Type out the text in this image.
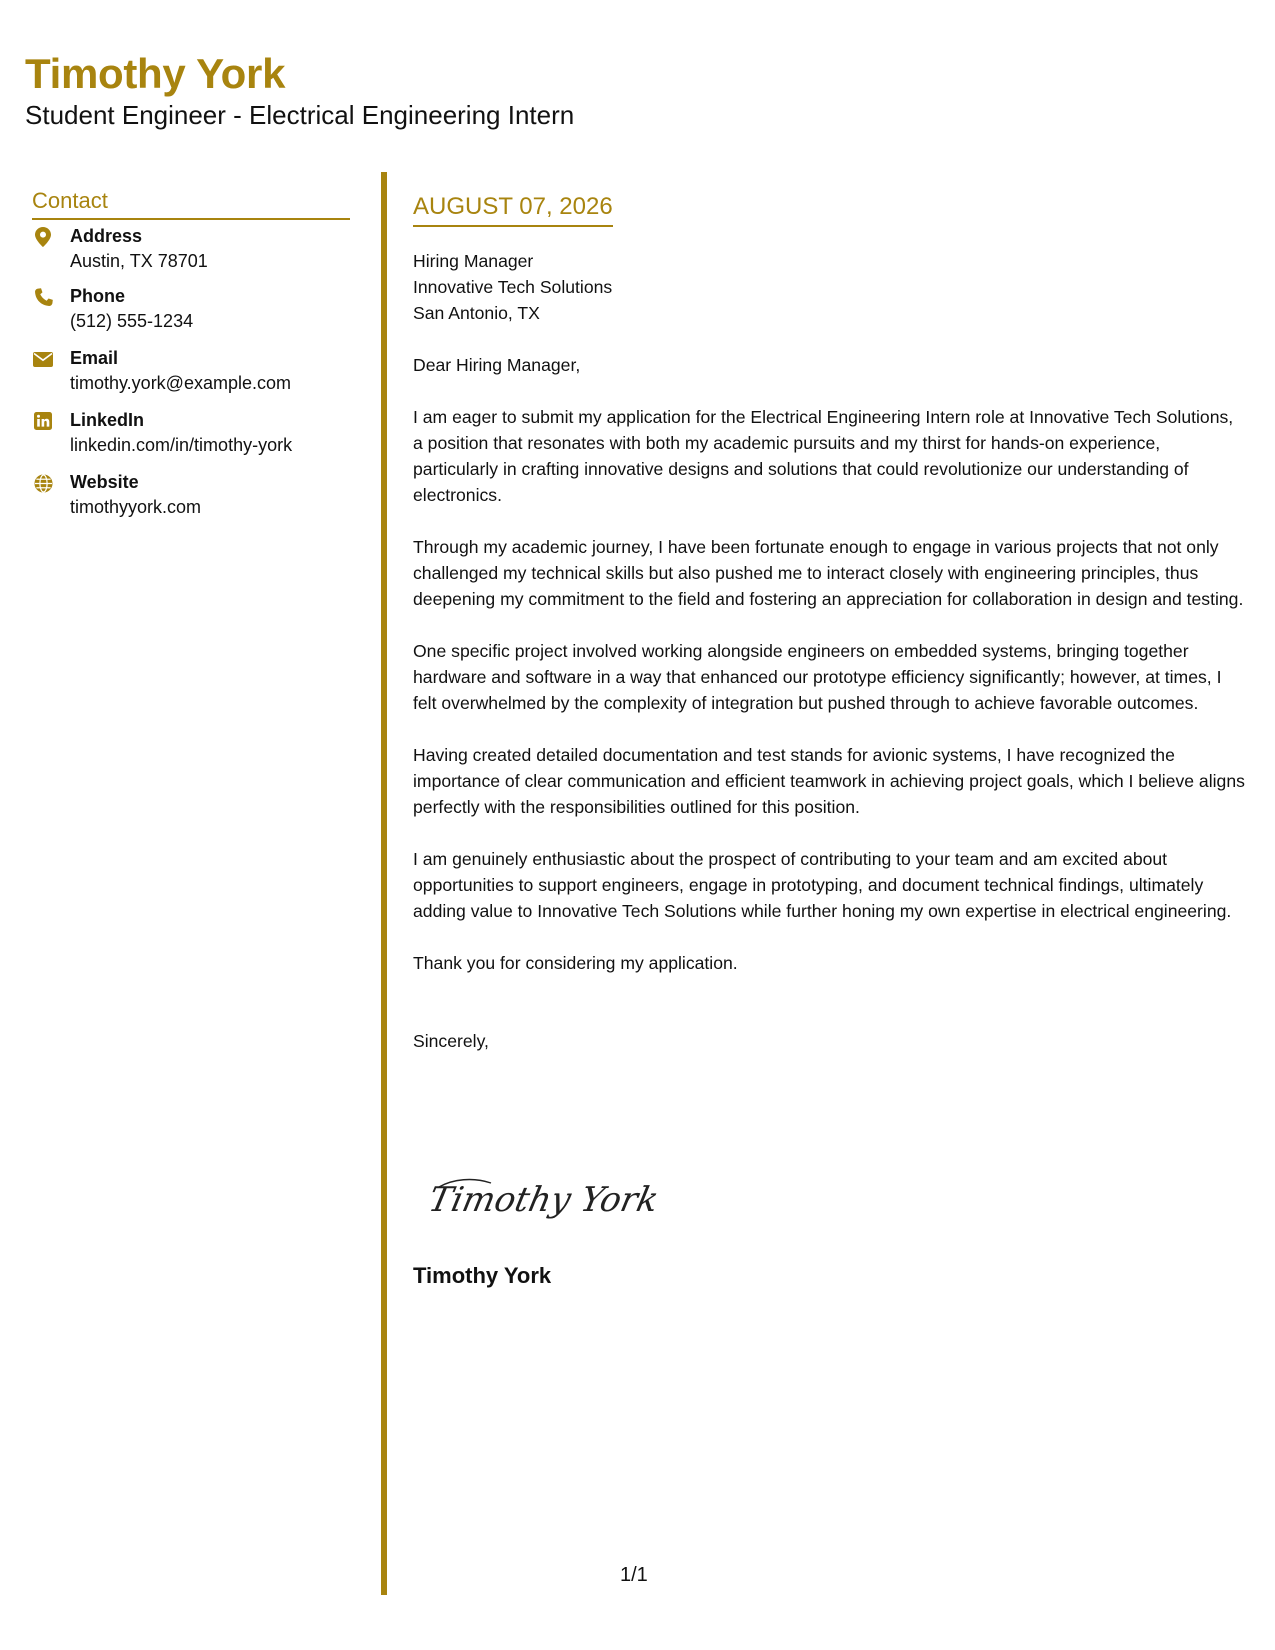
Timothy York
Student Engineer - Electrical Engineering Intern
Contact
Address
Austin, TX 78701
Phone
(512) 555-1234
Email
timothy.york@example.com
LinkedIn
linkedin.com/in/timothy-york
Website
timothyyork.com
AUGUST 07, 2026
Hiring Manager
Innovative Tech Solutions
San Antonio, TX

Dear Hiring Manager,

I am eager to submit my application for the Electrical Engineering Intern role at Innovative Tech Solutions, a position that resonates with both my academic pursuits and my thirst for hands-on experience, particularly in crafting innovative designs and solutions that could revolutionize our understanding of electronics.

Through my academic journey, I have been fortunate enough to engage in various projects that not only challenged my technical skills but also pushed me to interact closely with engineering principles, thus deepening my commitment to the field and fostering an appreciation for collaboration in design and testing.

One specific project involved working alongside engineers on embedded systems, bringing together hardware and software in a way that enhanced our prototype efficiency significantly; however, at times, I felt overwhelmed by the complexity of integration but pushed through to achieve favorable outcomes.

Having created detailed documentation and test stands for avionic systems, I have recognized the importance of clear communication and efficient teamwork in achieving project goals, which I believe aligns perfectly with the responsibilities outlined for this position.

I am genuinely enthusiastic about the prospect of contributing to your team and am excited about opportunities to support engineers, engage in prototyping, and document technical findings, ultimately adding value to Innovative Tech Solutions while further honing my own expertise in electrical engineering.

Thank you for considering my application.

Sincerely,

Timothy York
Timothy York
1/1
